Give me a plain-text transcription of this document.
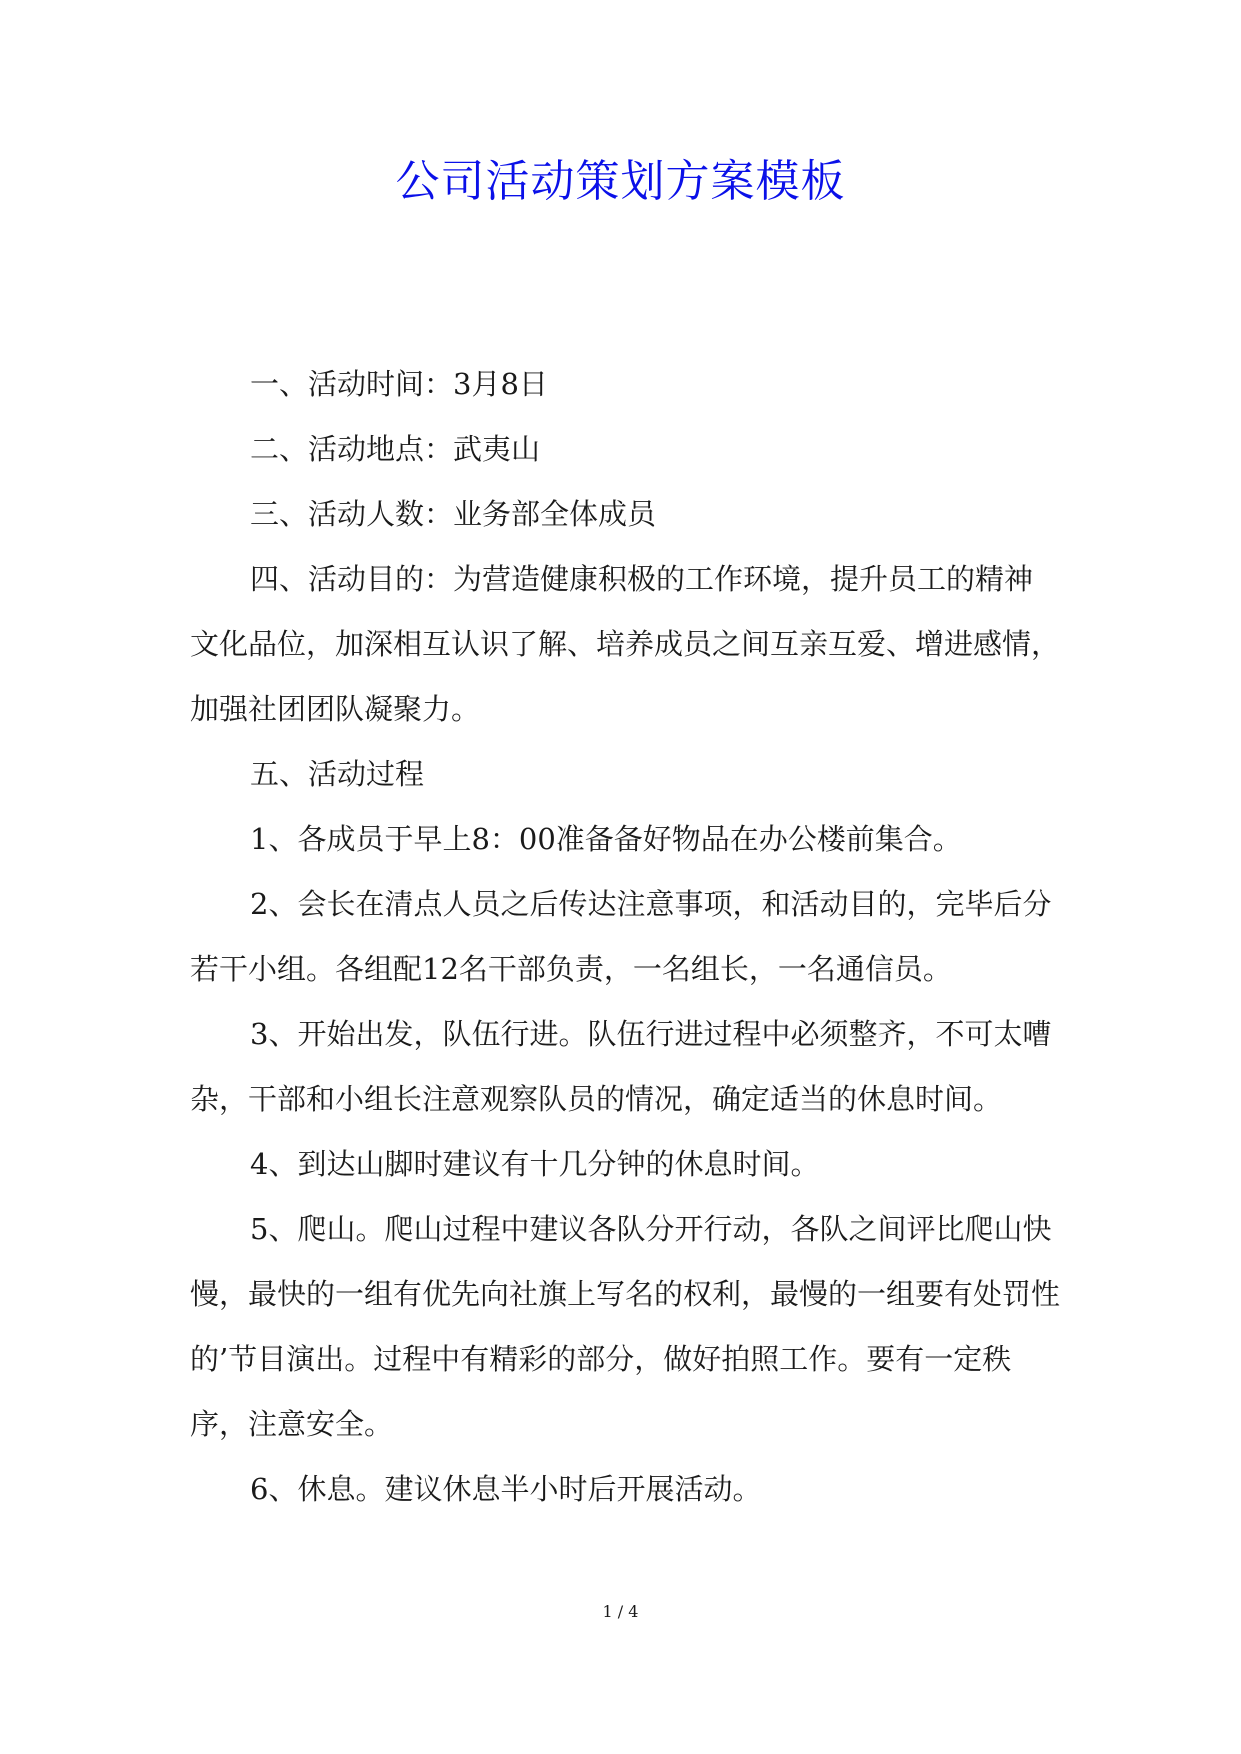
公司活动策划方案模板

一、活动时间：3月8日

二、活动地点：武夷山

三、活动人数：业务部全体成员

四、活动目的：为营造健康积极的工作环境，提升员工的精神文化品位，加深相互认识了解、培养成员之间互亲互爱、增进感情，加强社团团队凝聚力。

五、活动过程

1、各成员于早上8：00准备备好物品在办公楼前集合。

2、会长在清点人员之后传达注意事项，和活动目的，完毕后分若干小组。各组配12名干部负责，一名组长，一名通信员。

3、开始出发，队伍行进。队伍行进过程中必须整齐，不可太嘈杂，干部和小组长注意观察队员的情况，确定适当的休息时间。

4、到达山脚时建议有十几分钟的休息时间。

5、爬山。爬山过程中建议各队分开行动，各队之间评比爬山快慢，最快的一组有优先向社旗上写名的权利，最慢的一组要有处罚性的’节目演出。过程中有精彩的部分，做好拍照工作。要有一定秩序，注意安全。

6、休息。建议休息半小时后开展活动。

1 / 4
